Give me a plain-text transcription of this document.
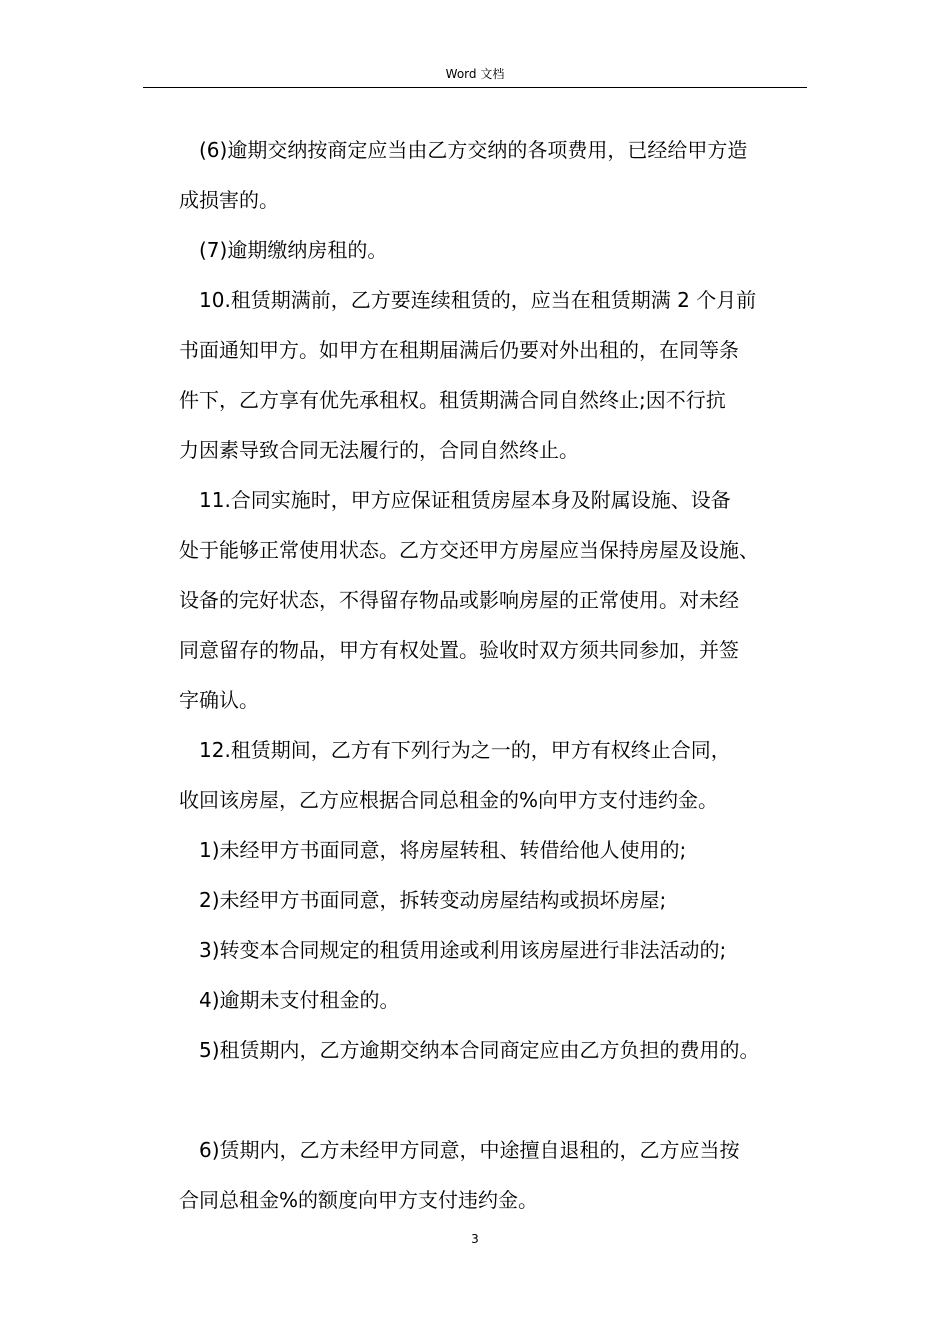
Word 文档
(6)逾期交纳按商定应当由乙方交纳的各项费用，已经给甲方造
成损害的。
(7)逾期缴纳房租的。
10.租赁期满前，乙方要连续租赁的，应当在租赁期满 2 个月前
书面通知甲方。如甲方在租期届满后仍要对外出租的，在同等条
件下，乙方享有优先承租权。租赁期满合同自然终止;因不行抗
力因素导致合同无法履行的，合同自然终止。
11.合同实施时，甲方应保证租赁房屋本身及附属设施、设备
处于能够正常使用状态。乙方交还甲方房屋应当保持房屋及设施、
设备的完好状态，不得留存物品或影响房屋的正常使用。对未经
同意留存的物品，甲方有权处置。验收时双方须共同参加，并签
字确认。
12.租赁期间，乙方有下列行为之一的，甲方有权终止合同，
收回该房屋，乙方应根据合同总租金的%向甲方支付违约金。
1)未经甲方书面同意，将房屋转租、转借给他人使用的;
2)未经甲方书面同意，拆转变动房屋结构或损坏房屋;
3)转变本合同规定的租赁用途或利用该房屋进行非法活动的;
4)逾期未支付租金的。
5)租赁期内，乙方逾期交纳本合同商定应由乙方负担的费用的。
6)赁期内，乙方未经甲方同意，中途擅自退租的，乙方应当按
合同总租金%的额度向甲方支付违约金。
3
